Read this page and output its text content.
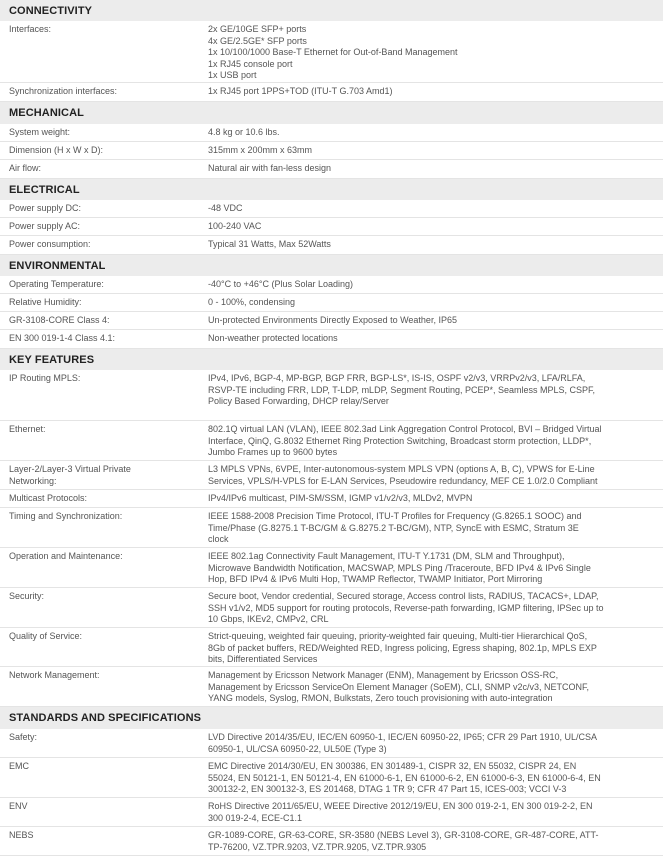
CONNECTIVITY
Interfaces:	2x GE/10GE SFP+ ports
4x GE/2.5GE* SFP ports
1x 10/100/1000 Base-T Ethernet for Out-of-Band Management
1x RJ45 console port
1x USB port
Synchronization interfaces:	1x RJ45 port 1PPS+TOD (ITU-T G.703 Amd1)
MECHANICAL
System weight:	4.8 kg or 10.6 lbs.
Dimension (H x W x D):	315mm x 200mm x 63mm
Air flow:	Natural air with fan-less design
ELECTRICAL
Power supply DC:	-48 VDC
Power supply AC:	100-240 VAC
Power consumption:	Typical 31 Watts, Max 52Watts
ENVIRONMENTAL
Operating Temperature:	-40°C to +46°C (Plus Solar Loading)
Relative Humidity:	0 - 100%, condensing
GR-3108-CORE Class 4:	Un-protected Environments Directly Exposed to Weather, IP65
EN 300 019-1-4 Class 4.1:	Non-weather protected locations
KEY FEATURES
IP Routing MPLS:	IPv4, IPv6, BGP-4, MP-BGP, BGP FRR, BGP-LS*, IS-IS, OSPF v2/v3, VRRPv2/v3, LFA/RLFA,
RSVP-TE including FRR, LDP, T-LDP, mLDP, Segment Routing, PCEP*, Seamless MPLS, CSPF,
Policy Based Forwarding, DHCP relay/Server
Ethernet:	802.1Q virtual LAN (VLAN), IEEE 802.3ad Link Aggregation Control Protocol, BVI – Bridged Virtual
Interface, QinQ, G.8032 Ethernet Ring Protection Switching, Broadcast storm protection, LLDP*,
Jumbo Frames up to 9600 bytes
Layer-2/Layer-3 Virtual Private
Networking:
L3 MPLS VPNs, 6VPE, Inter-autonomous-system MPLS VPN (options A, B, C), VPWS for E-Line
Services, VPLS/H-VPLS for E-LAN Services, Pseudowire redundancy, MEF CE 1.0/2.0 Compliant
Multicast Protocols:	IPv4/IPv6 multicast, PIM-SM/SSM, IGMP v1/v2/v3, MLDv2, MVPN
Timing and Synchronization:	IEEE 1588-2008 Precision Time Protocol, ITU-T Profiles for Frequency (G.8265.1 SOOC) and
Time/Phase (G.8275.1 T-BC/GM & G.8275.2 T-BC/GM), NTP, SyncE with ESMC, Stratum 3E
clock
Operation and Maintenance:	IEEE 802.1ag Connectivity Fault Management, ITU-T Y.1731 (DM, SLM and Throughput),
Microwave Bandwidth Notification, MACSWAP, MPLS Ping /Traceroute, BFD IPv4 & IPv6 Single
Hop, BFD IPv4 & IPv6 Multi Hop, TWAMP Reflector, TWAMP Initiator, Port Mirroring
Security:	Secure boot, Vendor credential, Secured storage, Access control lists, RADIUS, TACACS+, LDAP,
SSH v1/v2, MD5 support for routing protocols, Reverse-path forwarding, IGMP filtering, IPSec up to
10 Gbps, IKEv2, CMPv2, CRL
Quality of Service:	Strict-queuing, weighted fair queuing, priority-weighted fair queuing, Multi-tier Hierarchical QoS,
8Gb of packet buffers, RED/Weighted RED, Ingress policing, Egress shaping, 802.1p, MPLS EXP
bits, Differentiated Services
Network Management:	Management by Ericsson Network Manager (ENM), Management by Ericsson OSS-RC,
Management by Ericsson ServiceOn Element Manager (SoEM), CLI, SNMP v2c/v3, NETCONF,
YANG models, Syslog, RMON, Bulkstats, Zero touch provisioning with auto-integration
STANDARDS AND SPECIFICATIONS
Safety:	LVD Directive 2014/35/EU, IEC/EN 60950-1, IEC/EN 60950-22, IP65; CFR 29 Part 1910, UL/CSA
60950-1, UL/CSA 60950-22, UL50E (Type 3)
EMC	EMC Directive 2014/30/EU, EN 300386, EN 301489-1, CISPR 32, EN 55032, CISPR 24, EN
55024, EN 50121-1, EN 50121-4, EN 61000-6-1, EN 61000-6-2, EN 61000-6-3, EN 61000-6-4, EN
300132-2, EN 300132-3, ES 201468, DTAG 1 TR 9; CFR 47 Part 15, ICES-003; VCCI V-3
ENV	RoHS Directive 2011/65/EU, WEEE Directive 2012/19/EU, EN 300 019-2-1, EN 300 019-2-2, EN
300 019-2-4, ECE-C1.1
NEBS	GR-1089-CORE, GR-63-CORE, SR-3580 (NEBS Level 3), GR-3108-CORE, GR-487-CORE, ATT-
TP-76200, VZ.TPR.9203, VZ.TPR.9205, VZ.TPR.9305
